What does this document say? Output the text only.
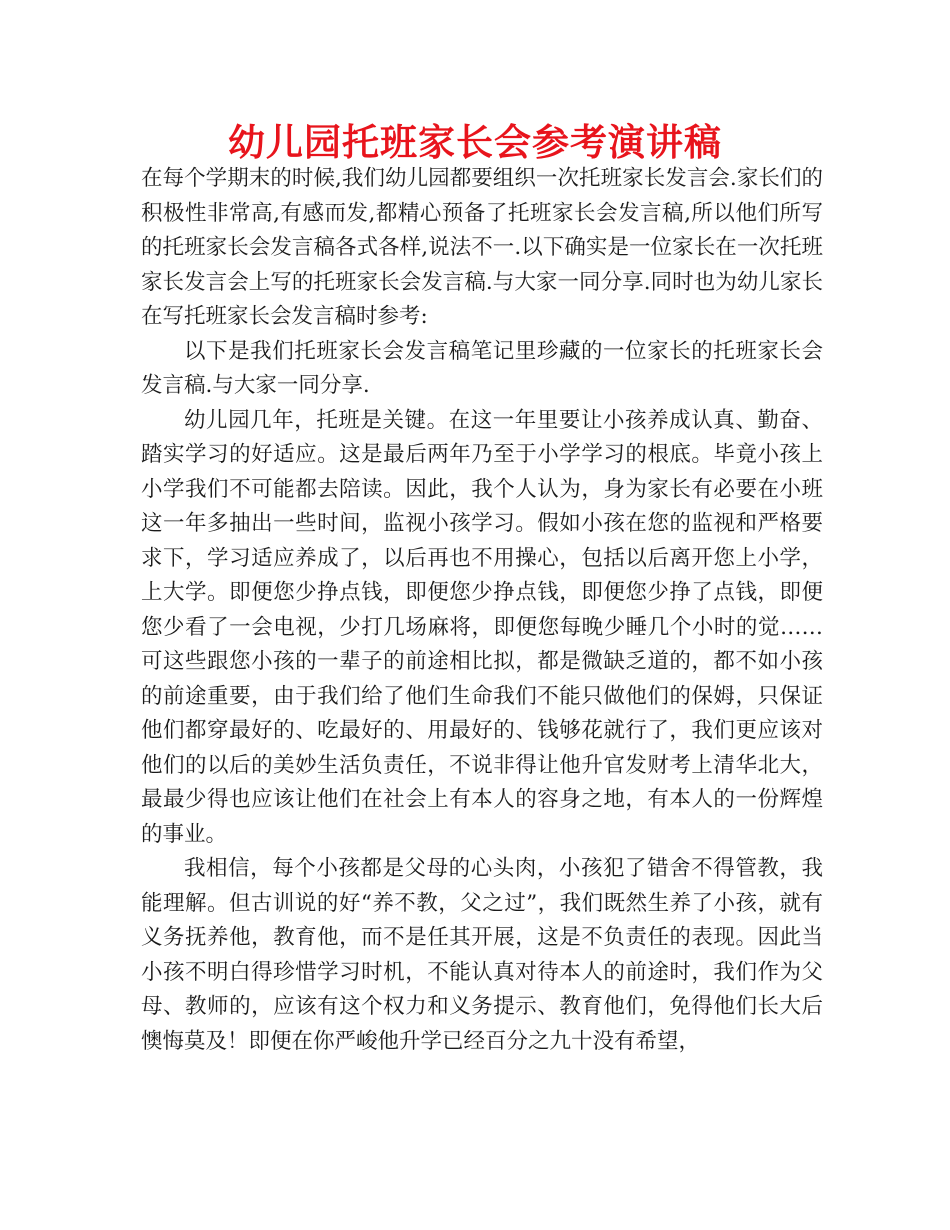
幼儿园托班家长会参考演讲稿

在每个学期末的时候,我们幼儿园都要组织一次托班家长发言会.家长们的积极性非常高,有感而发,都精心预备了托班家长会发言稿,所以他们所写的托班家长会发言稿各式各样,说法不一.以下确实是一位家长在一次托班家长发言会上写的托班家长会发言稿.与大家一同分享.同时也为幼儿家长在写托班家长会发言稿时参考:

以下是我们托班家长会发言稿笔记里珍藏的一位家长的托班家长会发言稿.与大家一同分享.

幼儿园几年，托班是关键。在这一年里要让小孩养成认真、勤奋、踏实学习的好适应。这是最后两年乃至于小学学习的根底。毕竟小孩上小学我们不可能都去陪读。因此，我个人认为，身为家长有必要在小班这一年多抽出一些时间，监视小孩学习。假如小孩在您的监视和严格要求下，学习适应养成了，以后再也不用操心，包括以后离开您上小学，上大学。即便您少挣点钱，即便您少挣点钱，即便您少挣了点钱，即便您少看了一会电视，少打几场麻将，即便您每晚少睡几个小时的觉……可这些跟您小孩的一辈子的前途相比拟，都是微缺乏道的，都不如小孩的前途重要，由于我们给了他们生命我们不能只做他们的保姆，只保证他们都穿最好的、吃最好的、用最好的、钱够花就行了，我们更应该对他们的以后的美妙生活负责任，不说非得让他升官发财考上清华北大，最最少得也应该让他们在社会上有本人的容身之地，有本人的一份辉煌的事业。

我相信，每个小孩都是父母的心头肉，小孩犯了错舍不得管教，我能理解。但古训说的好“养不教，父之过”，我们既然生养了小孩，就有义务抚养他，教育他，而不是任其开展，这是不负责任的表现。因此当小孩不明白得珍惜学习时机，不能认真对待本人的前途时，我们作为父母、教师的，应该有这个权力和义务提示、教育他们，免得他们长大后懊悔莫及！即便在你严峻他升学已经百分之九十没有希望，
